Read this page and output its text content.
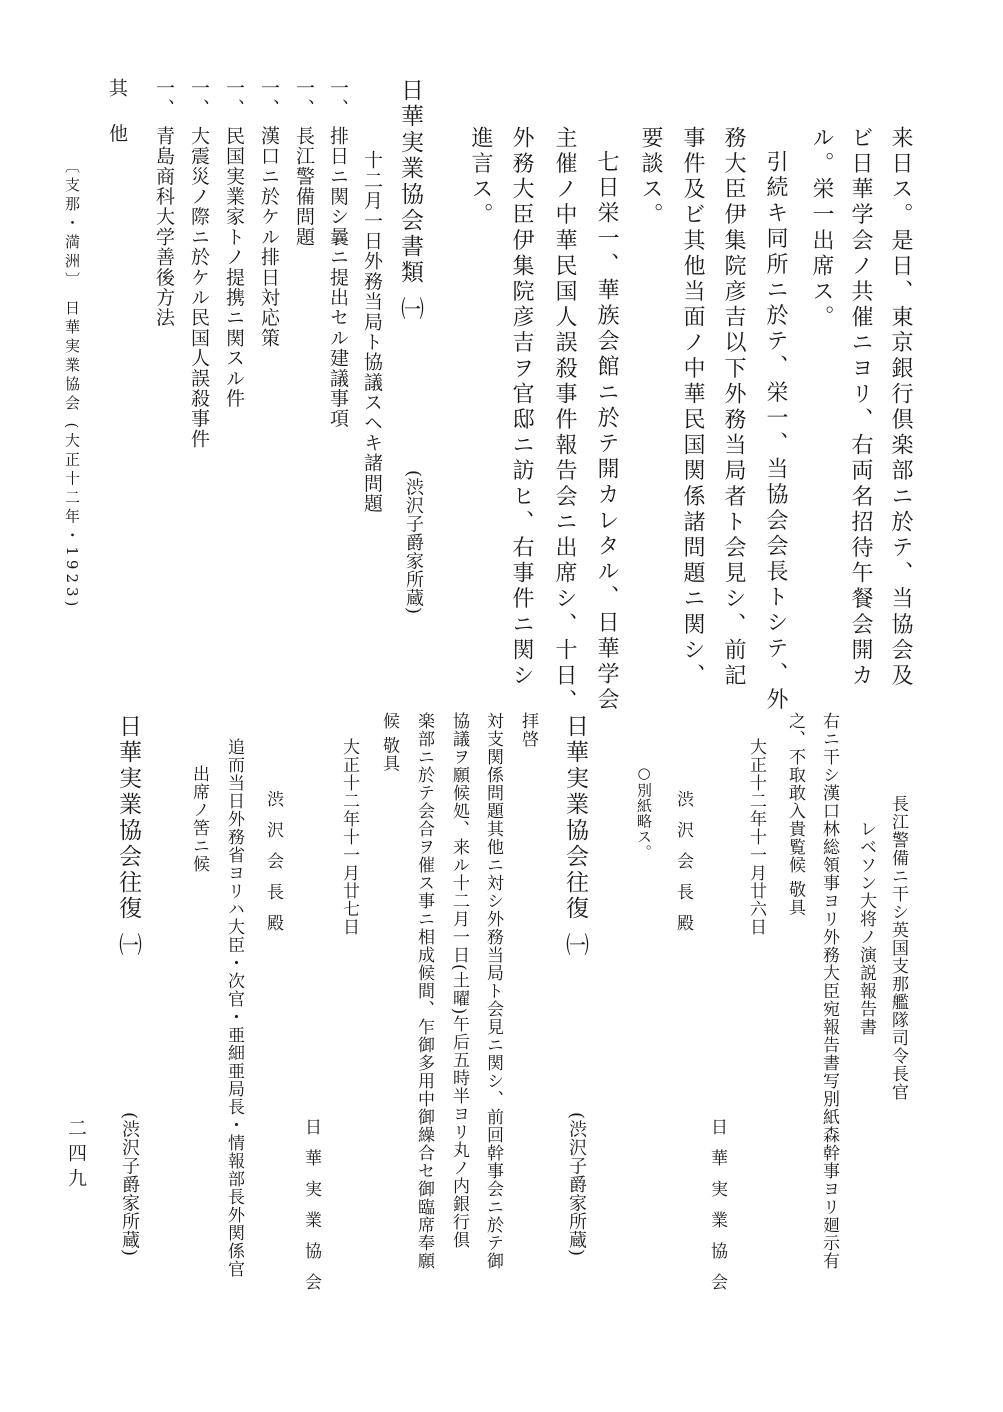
来日ス。是日、東京銀行倶楽部ニ於テ、当協会及
ビ日華学会ノ共催ニヨリ、右両名招待午餐会開カ
ル。栄一出席ス。
引続キ同所ニ於テ、栄一、当協会会長トシテ、外
務大臣伊集院彦吉以下外務当局者ト会見シ、前記
事件及ビ其他当面ノ中華民国関係諸問題ニ関シ、
要談ス。
七日栄一、華族会館ニ於テ開カレタル、日華学会
主催ノ中華民国人誤殺事件報告会ニ出席シ、十日、
外務大臣伊集院彦吉ヲ官邸ニ訪ヒ、右事件ニ関シ
進言ス。
日華実業協会書類 ㈠
(渋沢子爵家所蔵)
十二月一日外務当局ト協議スヘキ諸問題
一、 排日ニ関シ曩ニ提出セル建議事項
一、 長江警備問題
一、 漢口ニ於ケル排日対応策
一、 民国実業家トノ提携ニ関スル件
一、 大震災ノ際ニ於ケル民国人誤殺事件
一、 青島商科大学善後方法
其 他
〔支那・満洲〕 日華実業協会 (大正十二年・1923)
長江警備ニ干シ英国支那艦隊司令長官
レベソン大将ノ演説報告書
右ニ干シ漢口林総領事ヨリ外務大臣宛報告書写別紙森幹事ヨリ廻示有
之、不取敢入貴覧候 敬具
大正十二年十一月廿六日
日華実業協会
渋沢会長殿
○別紙略ス。
日華実業協会往復 ㈠
(渋沢子爵家所蔵)
拝啓
対支関係問題其他ニ対シ外務当局ト会見ニ関シ、前回幹事会ニ於テ御
協議ヲ願候処、来ル十二月一日(土曜)午后五時半ヨリ丸ノ内銀行倶
楽部ニ於テ会合ヲ催ス事ニ相成候間、乍御多用中御繰合セ御臨席奉願
候 敬具
大正十二年十一月廿七日
日華実業協会
渋沢会長殿
追而当日外務省ヨリハ大臣・次官・亜細亜局長・情報部長外関係官
出席ノ筈ニ候
日華実業協会往復 ㈠
(渋沢子爵家所蔵)
二四九
